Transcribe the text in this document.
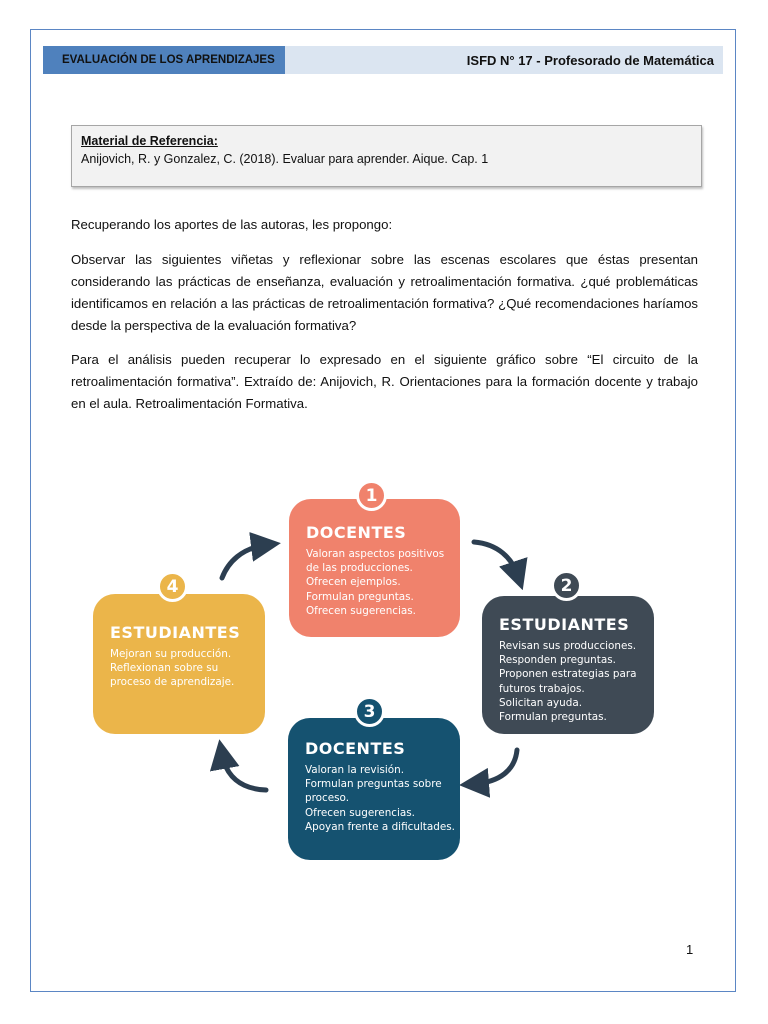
EVALUACIÓN DE LOS APRENDIZAJES	ISFD N° 17 - Profesorado de Matemática
Material de Referencia:
Anijovich, R. y Gonzalez, C. (2018). Evaluar para aprender. Aique. Cap. 1

Recuperando los aportes de las autoras, les propongo:

Observar las siguientes viñetas y reflexionar sobre las escenas escolares que éstas presentan considerando las prácticas de enseñanza, evaluación y retroalimentación formativa. ¿qué problemáticas identificamos en relación a las prácticas de retroalimentación formativa? ¿Qué recomendaciones haríamos desde la perspectiva de la evaluación formativa?

Para el análisis pueden recuperar lo expresado en el siguiente gráfico sobre “El circuito de la retroalimentación formativa”. Extraído de: Anijovich, R. Orientaciones para la formación docente y trabajo en el aula. Retroalimentación Formativa.

DOCENTES
Valoran aspectos positivos
de las producciones.
Ofrecen ejemplos.
Formulan preguntas.
Ofrecen sugerencias.
1
ESTUDIANTES
Revisan sus producciones.
Responden preguntas.
Proponen estrategias para
futuros trabajos.
Solicitan ayuda.
Formulan preguntas.
2
DOCENTES
Valoran la revisión.
Formulan preguntas sobre
proceso.
Ofrecen sugerencias.
Apoyan frente a dificultades.
3
ESTUDIANTES
Mejoran su producción.
Reflexionan sobre su
proceso de aprendizaje.
4
1
